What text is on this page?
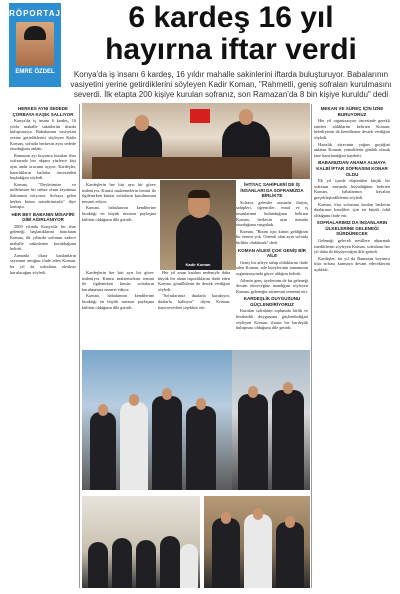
RÖPORTAJ
EMRE ÖZDEL
6 kardeş 16 yıl
hayırna iftar verdi
Konya'da iş insanı 6 kardeş, 16 yıldır mahalle sakinlerini iftarda buluşturuyor. Babalarının vasiyetini yerine getirdiklerini söyleyen Kadir Koman, "Rahmetli, geniş sofraları kurulmasını severdi. İlk etapta 200 kişiye kurulan sofranız, son Ramazan'da 8 bin kişiye kuruldu" dedi
HERKES AYNI SEDEDE ÇORBAYA KAŞIK SALLIYOR

Konya'da iş insanı 6 kardeş, 16 yıldır mahalle sakinlerini iftarda buluşturuyor. Babalarının vasiyetini yerine getirdiklerini söyleyen Kadir Koman, sofrada herkesin aynı sedede oturduğunu anlattı.

Ramazan ayı boyunca kurulan iftar sofrasında her akşam yüzlerce kişi aynı anda orucunu açıyor. Kardeşler, hazırlıkların haftalar öncesinden başladığını söyledi.

Koman, "Devletimize ve milletimize bir nebze olsun faydamız dokunsun istiyoruz. Sofraya gelen herkes bizim misafirimizdir" diye konuştu.

HER BEY BABANIN MİSAFİRİ GİBİ AĞIRLANIYOR

2009 yılında Konya'da bir iftar geleneği başlattıklarını hatırlatan Koman, ilk yıllarda sofranın sadece mahalle sakinlerine kurulduğunu belirtti.

Zamanla iftara katılanların sayısının arttığını ifade eden Koman, bu yıl da sofraların eksiksiz kurulacağını söyledi.	Kardeşlerin her biri ayrı bir görev üstleniyor. Kimisi malzemelerin temini ile ilgilenirken kimisi sofraların kurulmasına nezaret ediyor.

Koman, babalarının kendilerine bıraktığı en büyük mirasın paylaşma kültürü olduğunu dile getirdi.

Her yıl artan katılım nedeniyle daha büyük bir alana taşındıklarını ifade eden Koman, gönüllülerin de destek verdiğini söyledi.

"Sofralarımız dualarla kuruluyor, dualarla kalkıyor" diyen Koman, hayırseverlere teşekkür etti.

Kardeşlerin her biri ayrı bir görev üstleniyor. Kimisi malzemelerin temini ile ilgilenirken kimisi sofraların kurulmasına nezaret ediyor.

Koman, babalarının kendilerine bıraktığı en büyük mirasın paylaşma kültürü olduğunu dile getirdi.

Kadir Koman
İHTİYAÇ SAHİPLERİ DE İŞ İNSANLARI DA SOFRAMIZDA BİRLİKTE

Sofraya gelenler arasında ihtiyaç sahipleri, öğrenciler, esnaf ve iş insanlarının bulunduğunu belirten Koman, herkesin aynı masada oturduğunu vurguladı.

Koman, "Bizim için kimin geldiğinin bir önemi yok. Önemli olan aynı sofrada birlikte olabilmek" dedi.

KOMAN AİLESİ ÇOK GENİŞ BİR AİLE

Geniş bir aileye sahip olduklarını ifade eden Koman, aile bireylerinin tamamının organizasyonda görev aldığını belirtti.

Ailenin genç üyelerinin de bu geleneği devam ettireceğine inandığını söyleyen Koman, geleneğin sürmesini temenni etti.

KARDEŞLİK DUYGUSUNU GÜÇLENDİRİYORUZ

Kurulan sofraların toplumda birlik ve beraberlik duygusunu güçlendirdiğini söyleyen Koman, iftarın bir kardeşlik buluşması olduğunu dile getirdi.

MEKAN VE SÜREÇ İÇİN İZNE BURUYORUZ

Her yıl organizasyon öncesinde gerekli izinleri aldıklarını belirten Koman, belediyenin de kendilerine destek verdiğini söyledi.

Hazırlık sürecinin yoğun geçtiğini anlatan Koman, yemeklerin günlük olarak taze hazırlandığını kaydetti.

BABAMIZDAN ANAMA ALMAYA KALBİ İFTAR SOFRASINI KONAR OLDU

İlk yıl içinde düşünülen küçük bir sofranın zamanla büyüdüğünü belirten Koman, babalarının hayalini gerçekleştirdiklerini söyledi.

Koman, iftar sofrasına katılan herkesin dualarının kendileri için en büyük ödül olduğunu ifade etti.

SOFRALARIMIZ DA İNSANLARIN ÜLKELERİNE GELENEĞİ SÜRDÜRECEK

Geleneği gelecek nesillere aktarmak istediklerini söyleyen Koman, sofraların her yıl daha da büyüyeceğini dile getirdi.

Kardeşler, bu yıl da Ramazan boyunca iftar sofrası kurmaya devam edeceklerini açıkladı.
